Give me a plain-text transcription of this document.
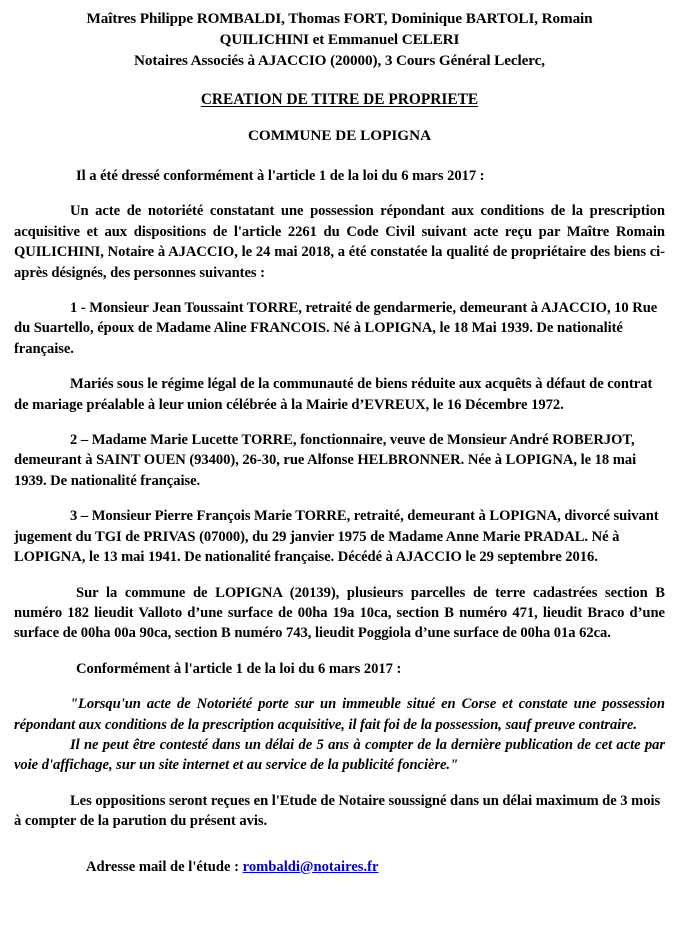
Maîtres Philippe ROMBALDI, Thomas FORT, Dominique BARTOLI, Romain
QUILICHINI et Emmanuel CELERI
Notaires Associés à AJACCIO (20000), 3 Cours Général Leclerc,
CREATION DE TITRE DE PROPRIETE
COMMUNE DE LOPIGNA

Il a été dressé conformément à l'article 1 de la loi du 6 mars 2017 :

Un acte de notoriété constatant une possession répondant aux conditions de la prescription acquisitive et aux dispositions de l'article 2261 du Code Civil suivant acte reçu par Maître Romain QUILICHINI, Notaire à AJACCIO, le 24 mai 2018, a été constatée la qualité de propriétaire des biens ci-après désignés, des personnes suivantes :

1 - Monsieur Jean Toussaint TORRE, retraité de gendarmerie, demeurant à AJACCIO, 10 Rue du Suartello, époux de Madame Aline FRANCOIS. Né à LOPIGNA, le 18 Mai 1939. De nationalité française.

Mariés sous le régime légal de la communauté de biens réduite aux acquêts à défaut de contrat de mariage préalable à leur union célébrée à la Mairie d’EVREUX, le 16 Décembre 1972.

2 – Madame Marie Lucette TORRE, fonctionnaire, veuve de Monsieur André ROBERJOT, demeurant à SAINT OUEN (93400), 26-30, rue Alfonse HELBRONNER. Née à LOPIGNA, le 18 mai 1939. De nationalité française.

3 – Monsieur Pierre François Marie TORRE, retraité, demeurant à LOPIGNA, divorcé suivant jugement du TGI de PRIVAS (07000), du 29 janvier 1975 de Madame Anne Marie PRADAL. Né à LOPIGNA, le 13 mai 1941. De nationalité française. Décédé à AJACCIO le 29 septembre 2016.

Sur la commune de LOPIGNA (20139), plusieurs parcelles de terre cadastrées section B numéro 182 lieudit Valloto d’une surface de 00ha 19a 10ca, section B numéro 471, lieudit Braco d’une surface de 00ha 00a 90ca, section B numéro 743, lieudit Poggiola d’une surface de 00ha 01a 62ca.

Conformément à l'article 1 de la loi du 6 mars 2017 :

"Lorsqu'un acte de Notoriété porte sur un immeuble situé en Corse et constate une possession répondant aux conditions de la prescription acquisitive, il fait foi de la possession, sauf preuve contraire.

Il ne peut être contesté dans un délai de 5 ans à compter de la dernière publication de cet acte par voie d'affichage, sur un site internet et au service de la publicité foncière."

Les oppositions seront reçues en l'Etude de Notaire soussigné dans un délai maximum de 3 mois à compter de la parution du présent avis.

Adresse mail de l'étude : rombaldi@notaires.fr
